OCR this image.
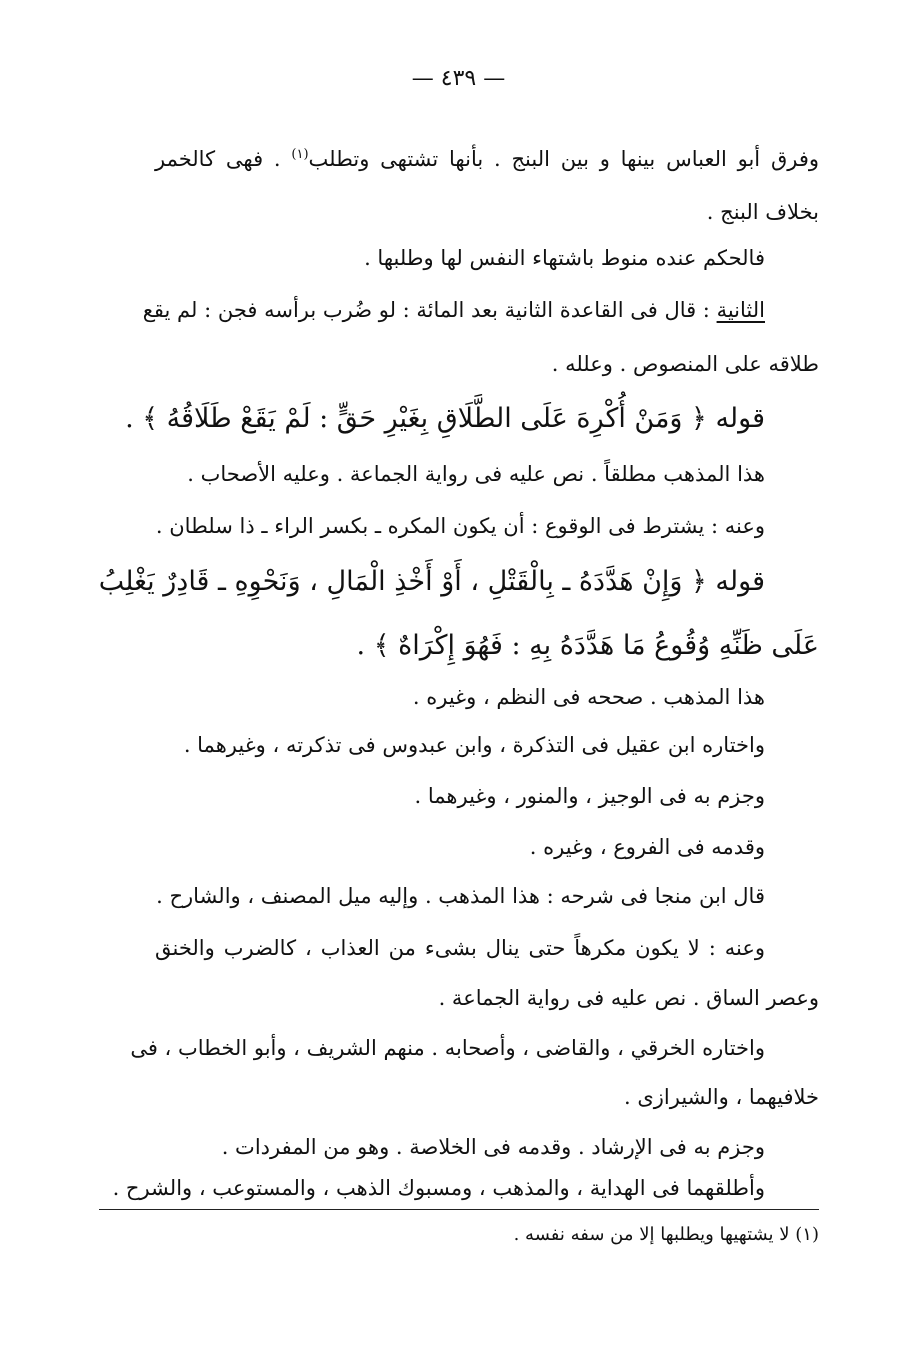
— ٤٣٩ —
وفرق أبو العباس بينها و بين البنج . بأنها تشتهى وتطلب$^{(١)}$ . فهى كالخمر
بخلاف البنج .
فالحكم عنده منوط باشتهاء النفس لها وطلبها .
الثانية : قال فى القاعدة الثانية بعد المائة : لو ضُرب برأسه فجن : لم يقع
طلاقه على المنصوص . وعلله .
قوله ﴿ وَمَنْ أُكْرِهَ عَلَى الطَّلَاقِ بِغَيْرِ حَقٍّ : لَمْ يَقَعْ طَلَاقُهُ ﴾ .
هذا المذهب مطلقاً . نص عليه فى رواية الجماعة . وعليه الأصحاب .
وعنه : يشترط فى الوقوع : أن يكون المكره ـ بكسر الراء ـ ذا سلطان .
قوله ﴿ وَإِنْ هَدَّدَهُ ـ بِالْقَتْلِ ، أَوْ أَخْذِ الْمَالِ ، وَنَحْوِهِ ـ قَادِرٌ يَغْلِبُ
عَلَى ظَنِّهِ وُقُوعُ مَا هَدَّدَهُ بِهِ : فَهُوَ إِكْرَاهٌ ﴾ .
هذا المذهب . صححه فى النظم ، وغيره .
واختاره ابن عقيل فى التذكرة ، وابن عبدوس فى تذكرته ، وغيرهما .
وجزم به فى الوجيز ، والمنور ، وغيرهما .
وقدمه فى الفروع ، وغيره .
قال ابن منجا فى شرحه : هذا المذهب . وإليه ميل المصنف ، والشارح .
وعنه : لا يكون مكرهاً حتى ينال بشىء من العذاب ، كالضرب والخنق
وعصر الساق . نص عليه فى رواية الجماعة .
واختاره الخرقي ، والقاضى ، وأصحابه . منهم الشريف ، وأبو الخطاب ، فى
خلافيهما ، والشيرازى .
وجزم به فى الإرشاد . وقدمه فى الخلاصة . وهو من المفردات .
وأطلقهما فى الهداية ، والمذهب ، ومسبوك الذهب ، والمستوعب ، والشرح .
(١) لا يشتهيها ويطلبها إلا من سفه نفسه .
